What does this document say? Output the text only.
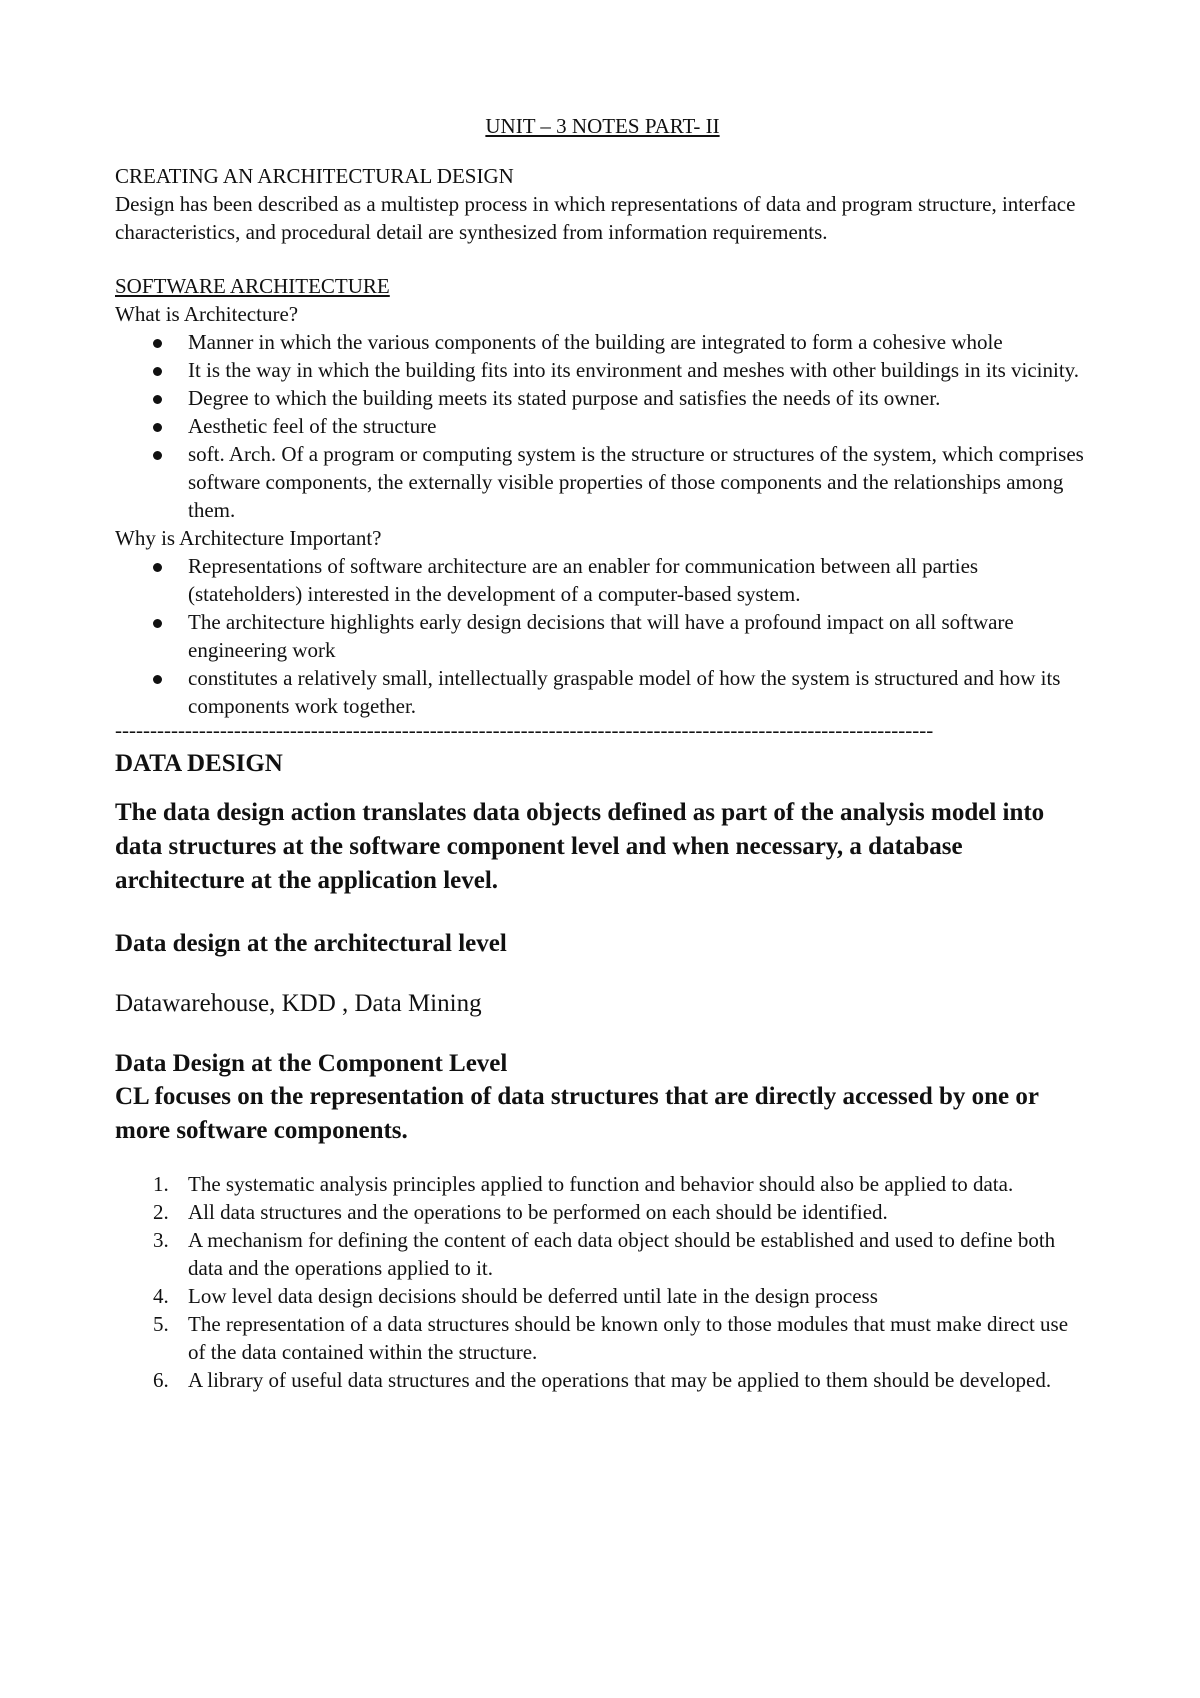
UNIT – 3 NOTES PART- II

CREATING AN ARCHITECTURAL DESIGN

Design has been described as a multistep process in which representations of data and program structure, interface characteristics, and procedural detail are synthesized from information requirements.

SOFTWARE ARCHITECTURE

What is Architecture?

Manner in which the various components of the building are integrated to form a cohesive whole
It is the way in which the building fits into its environment and meshes with other buildings in its vicinity.
Degree to which the building meets its stated purpose and satisfies the needs of its owner.
Aesthetic feel of the structure
soft. Arch. Of a program or computing system is the structure or structures of the system, which comprises software components, the externally visible properties of those components and the relationships among them.

Why is Architecture Important?

Representations of software architecture are an enabler for communication between all parties (stateholders) interested in the development of a computer-based system.
The architecture highlights early design decisions that will have a profound impact on all software engineering work
constitutes a relatively small, intellectually graspable model of how the system is structured and how its components work together.
---------------------------------------------------------------------------------------------------------------------

DATA DESIGN

The data design action translates data objects defined as part of the analysis model into data structures at the software component level and when necessary, a database architecture at the application level.

Data design at the architectural level

Datawarehouse, KDD , Data Mining

Data Design at the Component Level

CL focuses on the representation of data structures that are directly accessed by one or more software components.

1. The systematic analysis principles applied to function and behavior should also be applied to data.
2. All data structures and the operations to be performed on each should be identified.
3. A mechanism for defining the content of each data object should be established and used to define both data and the operations applied to it.
4. Low level data design decisions should be deferred until late in the design process
5. The representation of a data structures should be known only to those modules that must make direct use of the data contained within the structure.
6. A library of useful data structures and the operations that may be applied to them should be developed.
